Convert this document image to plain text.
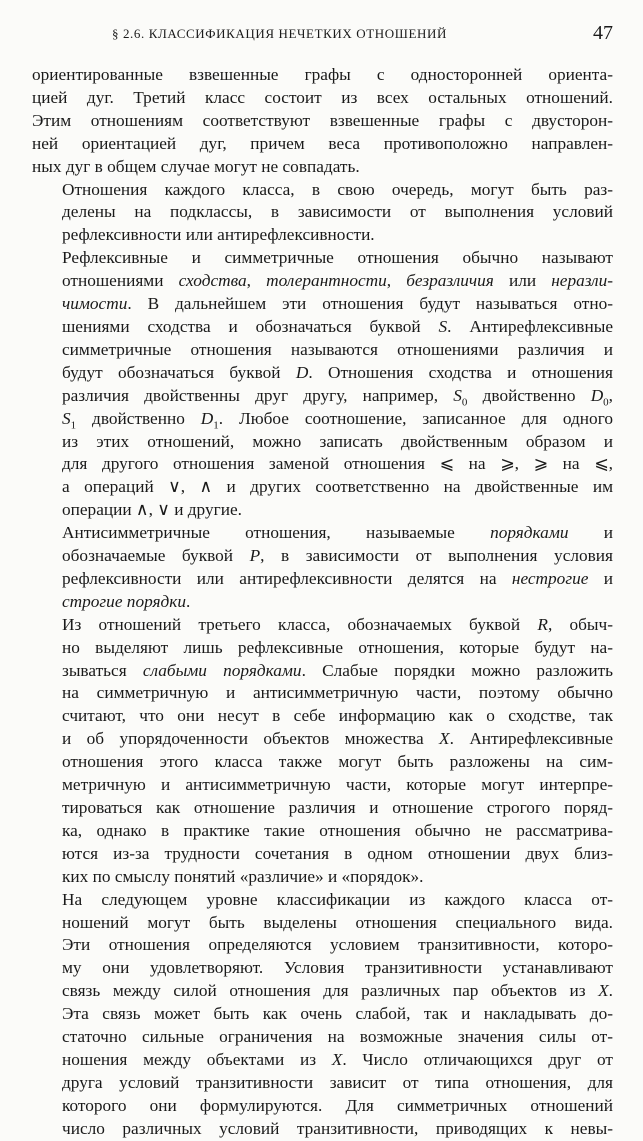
§ 2.6. КЛАССИФИКАЦИЯ НЕЧЕТКИХ ОТНОШЕНИЙ	47

ориентированные взвешенные графы с односторонней ориента-
цией дуг. Третий класс состоит из всех остальных отношений.
Этим отношениям соответствуют взвешенные графы с двусторон-
ней ориентацией дуг, причем веса противоположно направлен-
ных дуг в общем случае могут не совпадать.

Отношения каждого класса, в свою очередь, могут быть раз-
делены на подклассы, в зависимости от выполнения условий
рефлексивности или антирефлексивности.

Рефлексивные и симметричные отношения обычно называют
отношениями сходства, толерантности, безразличия или неразли-
чимости. В дальнейшем эти отношения будут называться отно-
шениями сходства и обозначаться буквой S. Антирефлексивные
симметричные отношения называются отношениями различия и
будут обозначаться буквой D. Отношения сходства и отношения
различия двойственны друг другу, например, $S_0$ двойственно $D_0$,
$S_1$ двойственно $D_1$. Любое соотношение, записанное для одного
из этих отношений, можно записать двойственным образом и
для другого отношения заменой отношения ⩽ на ⩾, ⩾ на ⩽,
а операций ∨, ∧ и других соответственно на двойственные им
операции ∧, ∨ и другие.

Антисимметричные отношения, называемые порядками и
обозначаемые буквой P, в зависимости от выполнения условия
рефлексивности или антирефлексивности делятся на нестрогие и
строгие порядки.

Из отношений третьего класса, обозначаемых буквой R, обыч-
но выделяют лишь рефлексивные отношения, которые будут на-
зываться слабыми порядками. Слабые порядки можно разложить
на симметричную и антисимметричную части, поэтому обычно
считают, что они несут в себе информацию как о сходстве, так
и об упорядоченности объектов множества X. Антирефлексивные
отношения этого класса также могут быть разложены на сим-
метричную и антисимметричную части, которые могут интерпре-
тироваться как отношение различия и отношение строгого поряд-
ка, однако в практике такие отношения обычно не рассматрива-
ются из-за трудности сочетания в одном отношении двух близ-
ких по смыслу понятий «различие» и «порядок».

На следующем уровне классификации из каждого класса от-
ношений могут быть выделены отношения специального вида.
Эти отношения определяются условием транзитивности, которо-
му они удовлетворяют. Условия транзитивности устанавливают
связь между силой отношения для различных пар объектов из X.
Эта связь может быть как очень слабой, так и накладывать до-
статочно сильные ограничения на возможные значения силы от-
ношения между объектами из X. Число отличающихся друг от
друга условий транзитивности зависит от типа отношения, для
которого они формулируются. Для симметричных отношений
число различных условий транзитивности, приводящих к невы-
